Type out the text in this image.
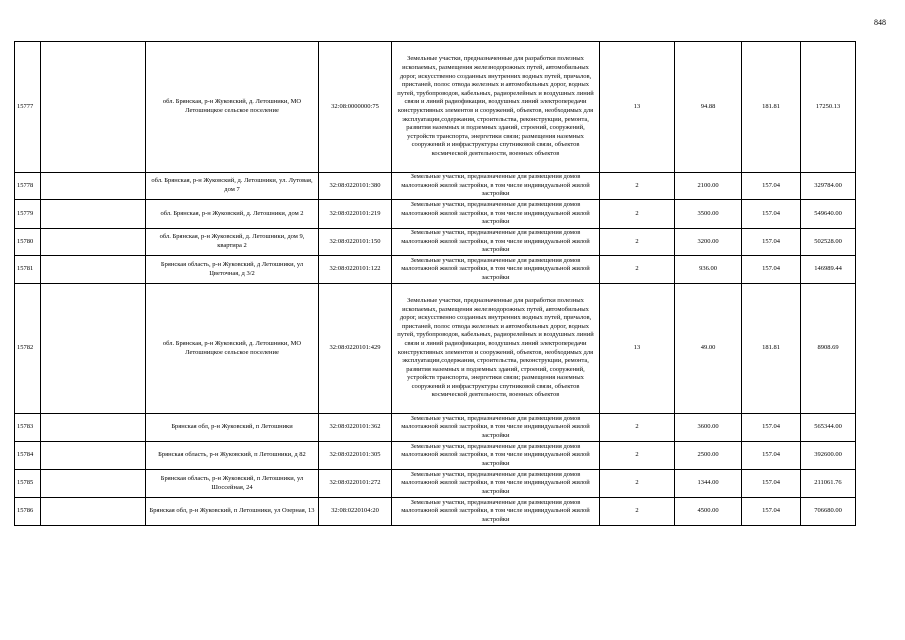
848
15777		обл. Брянская, р-н Жуковский, д. Летошники, МО Летошницкое сельское поселение	32:08:0000000:75	Земельные участки, предназначенные для разработки полезных ископаемых, размещения железнодорожных путей, автомобильных дорог, искусственно созданных внутренних водных путей, причалов, пристаней, полос отвода железных и автомобильных дорог, водных путей, трубопроводов, кабельных, радиорелейных и воздушных линий связи и линий радиофикации, воздушных линий электропередачи конструктивных элементов и сооружений, объектов, необходимых для эксплуатации,содержания, строительства, реконструкции, ремонта, развития наземных и подземных зданий, строений, сооружений, устройств транспорта, энергетики связи; размещения наземных сооружений и инфраструктуры спутниковой связи, объектов космической деятельности, военных объектов	13	94.88	181.81	17250.13
15778		обл. Брянская, р-н Жуковский, д. Летошники, ул. Лутовая, дом 7	32:08:0220101:380	Земельные участки, предназначенные для размещения домов малоэтажной жилой застройки, в том числе индивидуальной жилой застройки	2	2100.00	157.04	329784.00
15779		обл. Брянская, р-н Жуковский, д. Летошники, дом 2	32:08:0220101:219	Земельные участки, предназначенные для размещения домов малоэтажной жилой застройки, в том числе индивидуальной жилой застройки	2	3500.00	157.04	549640.00
15780		обл. Брянская, р-н Жуковский, д. Летошники, дом 9, квартира 2	32:08:0220101:150	Земельные участки, предназначенные для размещения домов малоэтажной жилой застройки, в том числе индивидуальной жилой застройки	2	3200.00	157.04	502528.00
15781		Брянская область, р-н Жуковский, д Летошники, ул Цветочная, д 3/2	32:08:0220101:122	Земельные участки, предназначенные для размещения домов малоэтажной жилой застройки, в том числе индивидуальной жилой застройки	2	936.00	157.04	146989.44
15782		обл. Брянская, р-н Жуковский, д. Летошники, МО Летошницкое сельское поселение	32:08:0220101:429	Земельные участки, предназначенные для разработки полезных ископаемых, размещения железнодорожных путей, автомобильных дорог, искусственно созданных внутренних водных путей, причалов, пристаней, полос отвода железных и автомобильных дорог, водных путей, трубопроводов, кабельных, радиорелейных и воздушных линий связи и линий радиофикации, воздушных линий электропередачи конструктивных элементов и сооружений, объектов, необходимых для эксплуатации,содержания, строительства, реконструкции, ремонта, развития наземных и подземных зданий, строений, сооружений, устройств транспорта, энергетики связи; размещения наземных сооружений и инфраструктуры спутниковой связи, объектов космической деятельности, военных объектов	13	49.00	181.81	8908.69
15783		Брянская обл, р-н Жуковский, п Летошники	32:08:0220101:362	Земельные участки, предназначенные для размещения домов малоэтажной жилой застройки, в том числе индивидуальной жилой застройки	2	3600.00	157.04	565344.00
15784		Брянская область, р-н Жуковский, п Летошники, д 82	32:08:0220101:305	Земельные участки, предназначенные для размещения домов малоэтажной жилой застройки, в том числе индивидуальной жилой застройки	2	2500.00	157.04	392600.00
15785		Брянская область, р-н Жуковский, п Летошники, ул Шоссейная, 24	32:08:0220101:272	Земельные участки, предназначенные для размещения домов малоэтажной жилой застройки, в том числе индивидуальной жилой застройки	2	1344.00	157.04	211061.76
15786		Брянская обл, р-н Жуковский, п Летошники, ул Озерная, 13	32:08:0220104:20	Земельные участки, предназначенные для размещения домов малоэтажной жилой застройки, в том числе индивидуальной жилой застройки	2	4500.00	157.04	706680.00
